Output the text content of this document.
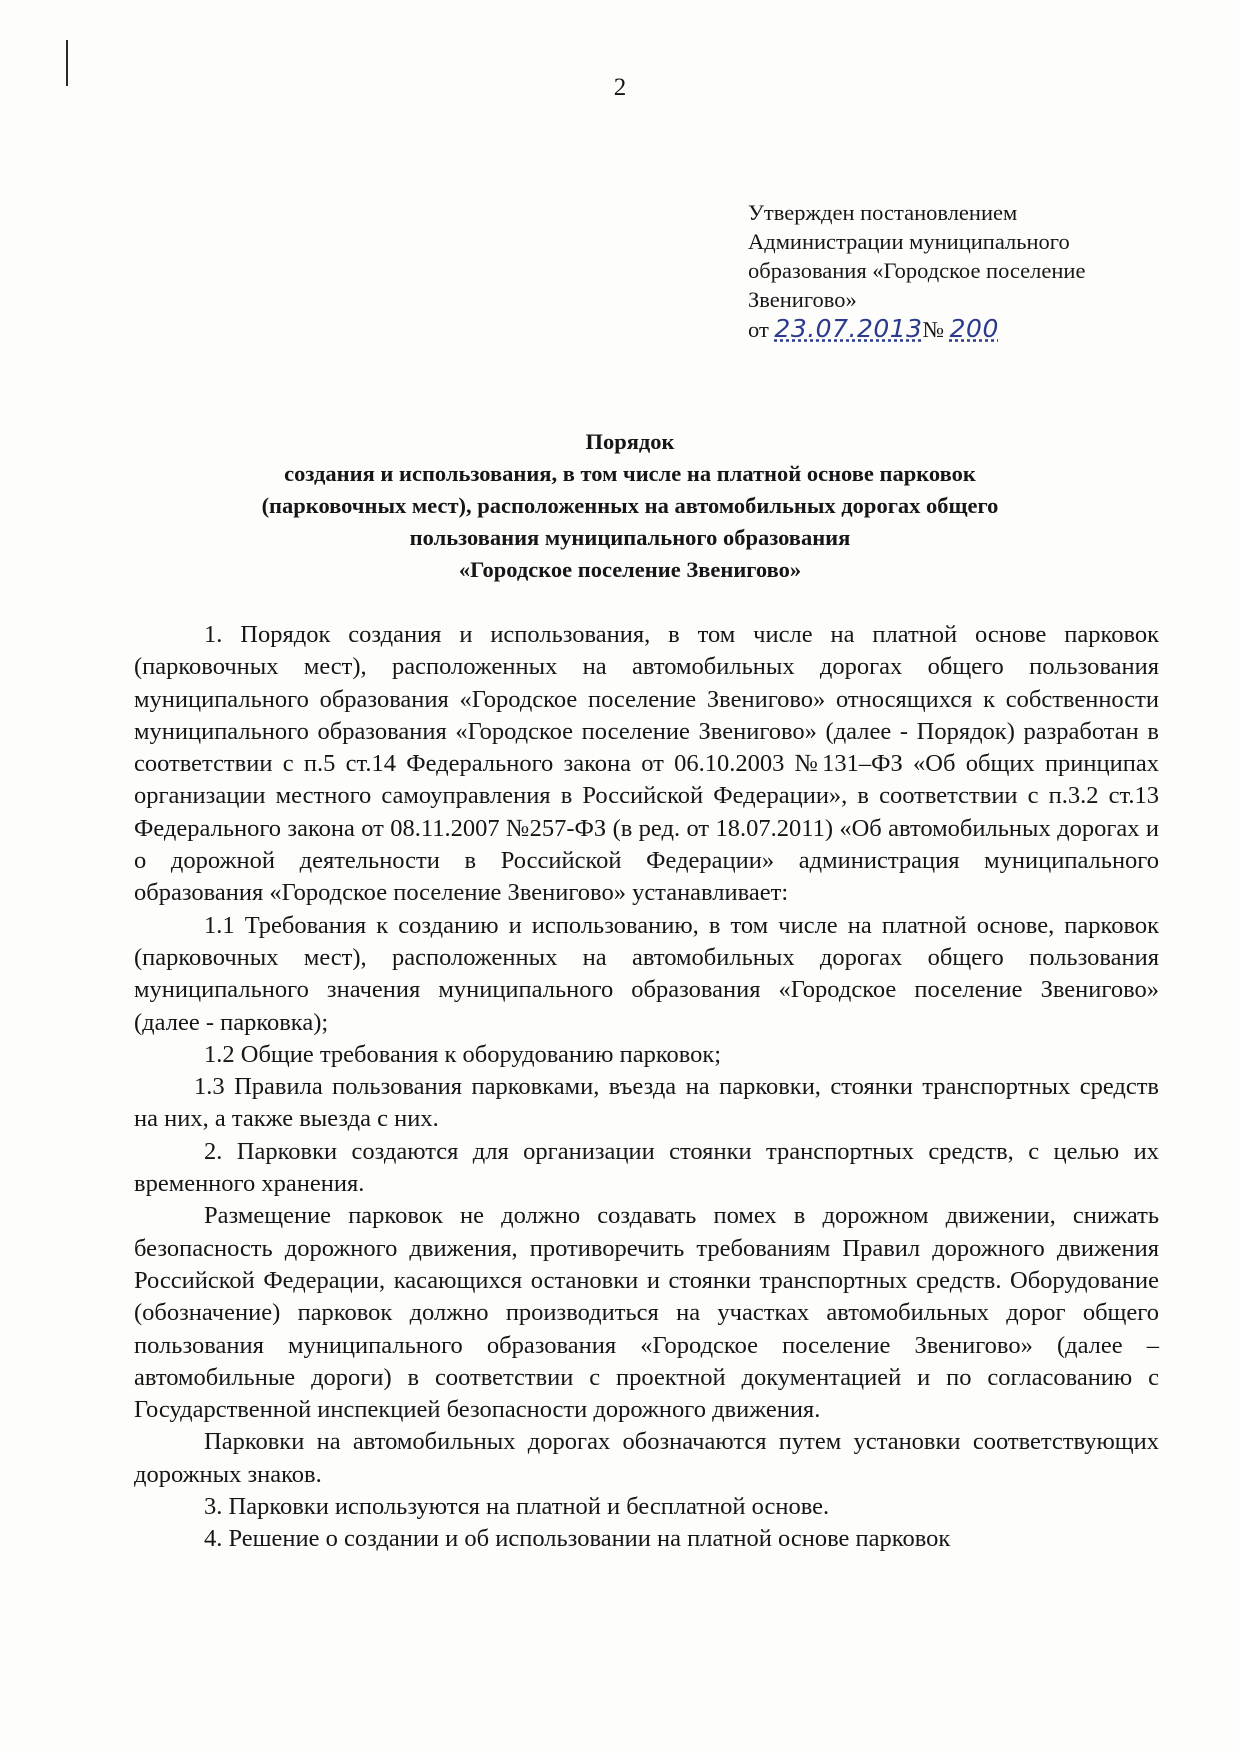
2
Утвержден постановлением
Администрации муниципального
образования «Городское поселение
Звенигово»
от 23.07.2013№ 200
Порядок
создания и использования, в том числе на платной основе парковок
(парковочных мест), расположенных на автомобильных дорогах общего
пользования муниципального образования
«Городское поселение Звенигово»

1. Порядок создания и использования, в том числе на платной основе парковок (парковочных мест), расположенных на автомобильных дорогах общего пользования муниципального образования «Городское поселение Звенигово» относящихся к собственности муниципального образования «Городское поселение Звенигово» (далее - Порядок) разработан в соответствии с п.5 ст.14 Федерального закона от 06.10.2003 №131–ФЗ «Об общих принципах организации местного самоуправления в Российской Федерации», в соответствии с п.3.2 ст.13 Федерального закона от 08.11.2007 №257-ФЗ (в ред. от 18.07.2011) «Об автомобильных дорогах и о дорожной деятельности в Российской Федерации» администрация муниципального образования «Городское поселение Звенигово» устанавливает:

1.1 Требования к созданию и использованию, в том числе на платной основе, парковок (парковочных мест), расположенных на автомобильных дорогах общего пользования муниципального значения муниципального образования «Городское поселение Звенигово» (далее - парковка);

1.2 Общие требования к оборудованию парковок;

1.3 Правила пользования парковками, въезда на парковки, стоянки транспортных средств на них, а также выезда с них.

2. Парковки создаются для организации стоянки транспортных средств, с целью их временного хранения.

Размещение парковок не должно создавать помех в дорожном движении, снижать безопасность дорожного движения, противоречить требованиям Правил дорожного движения Российской Федерации, касающихся остановки и стоянки транспортных средств. Оборудование (обозначение) парковок должно производиться на участках автомобильных дорог общего пользования муниципального образования «Городское поселение Звенигово» (далее – автомобильные дороги) в соответствии с проектной документацией и по согласованию с Государственной инспекцией безопасности дорожного движения.

Парковки на автомобильных дорогах обозначаются путем установки соответствующих дорожных знаков.

3. Парковки используются на платной и бесплатной основе.

4. Решение о создании и об использовании на платной основе парковок
